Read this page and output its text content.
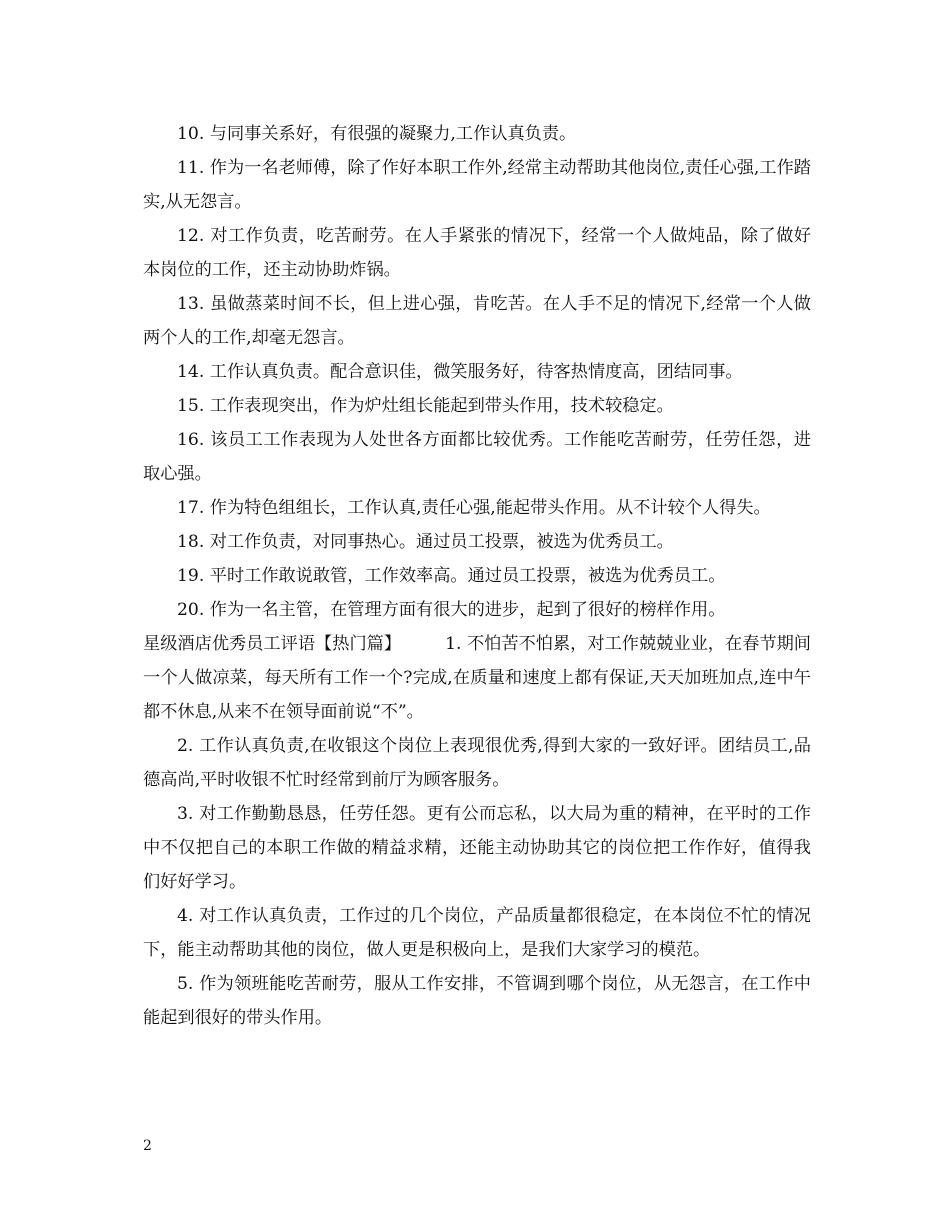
10. 与同事关系好，有很强的凝聚力,工作认真负责。

11. 作为一名老师傅，除了作好本职工作外,经常主动帮助其他岗位,责任心强,工作踏实,从无怨言。

12. 对工作负责，吃苦耐劳。在人手紧张的情况下，经常一个人做炖品，除了做好本岗位的工作，还主动协助炸锅。

13. 虽做蒸菜时间不长，但上进心强，肯吃苦。在人手不足的情况下,经常一个人做两个人的工作,却毫无怨言。

14. 工作认真负责。配合意识佳，微笑服务好，待客热情度高，团结同事。

15. 工作表现突出，作为炉灶组长能起到带头作用，技术较稳定。

16. 该员工工作表现为人处世各方面都比较优秀。工作能吃苦耐劳，任劳任怨，进取心强。

17. 作为特色组组长，工作认真,责任心强,能起带头作用。从不计较个人得失。

18. 对工作负责，对同事热心。通过员工投票，被选为优秀员工。

19. 平时工作敢说敢管，工作效率高。通过员工投票，被选为优秀员工。

20. 作为一名主管，在管理方面有很大的进步，起到了很好的榜样作用。

星级酒店优秀员工评语【热门篇】	1. 不怕苦不怕累，对工作兢兢业业，在春节期间一个人做凉菜，每天所有工作一个?完成,在质量和速度上都有保证,天天加班加点,连中午都不休息,从来不在领导面前说“不”。

2. 工作认真负责,在收银这个岗位上表现很优秀,得到大家的一致好评。团结员工,品德高尚,平时收银不忙时经常到前厅为顾客服务。

3. 对工作勤勤恳恳，任劳任怨。更有公而忘私，以大局为重的精神，在平时的工作中不仅把自己的本职工作做的精益求精，还能主动协助其它的岗位把工作作好，值得我们好好学习。

4. 对工作认真负责，工作过的几个岗位，产品质量都很稳定，在本岗位不忙的情况下，能主动帮助其他的岗位，做人更是积极向上，是我们大家学习的模范。

5. 作为领班能吃苦耐劳，服从工作安排，不管调到哪个岗位，从无怨言，在工作中能起到很好的带头作用。

2
